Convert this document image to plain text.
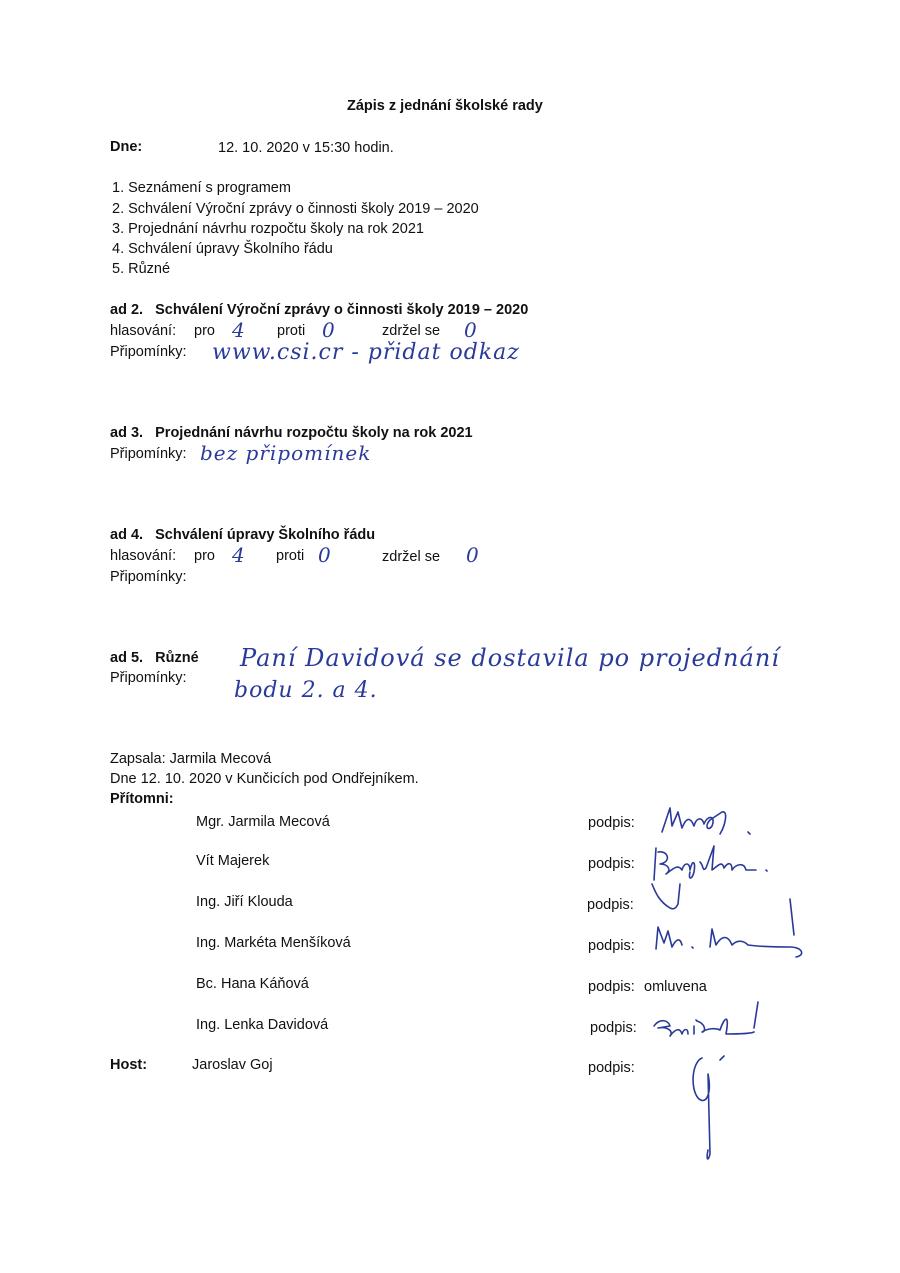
Zápis z jednání školské rady
Dne:	12. 10. 2020 v 15:30 hodin.
1. Seznámení s programem
2. Schválení Výroční zprávy o činnosti školy 2019 – 2020
3. Projednání návrhu rozpočtu školy na rok 2021
4. Schválení úpravy Školního řádu
5. Různé
ad 2.   Schválení Výroční zprávy o činnosti školy 2019 – 2020
hlasování: pro 4 proti 0	zdržel se 0
Připomínky: www.csi.cr - přidat odkaz
ad 3.   Projednání návrhu rozpočtu školy na rok 2021
Připomínky: bez připomínek
ad 4.   Schválení úpravy Školního řádu
hlasování: pro 4 proti 0	zdržel se 0
Připomínky:
ad 5.   Různé
Připomínky:
Paní Davidová se dostavila po projednání
bodu 2. a 4.
Zapsala: Jarmila Mecová
Dne 12. 10. 2020 v Kunčicích pod Ondřejníkem.
Přítomni:
Mgr. Jarmila Mecová	podpis:
Vít Majerek	podpis:
Ing. Jiří Klouda	podpis:
Ing. Markéta Menšíková	podpis:
Bc. Hana Káňová	podpis: omluvena
Ing. Lenka Davidová	podpis:
Host:	Jaroslav Goj	podpis:
